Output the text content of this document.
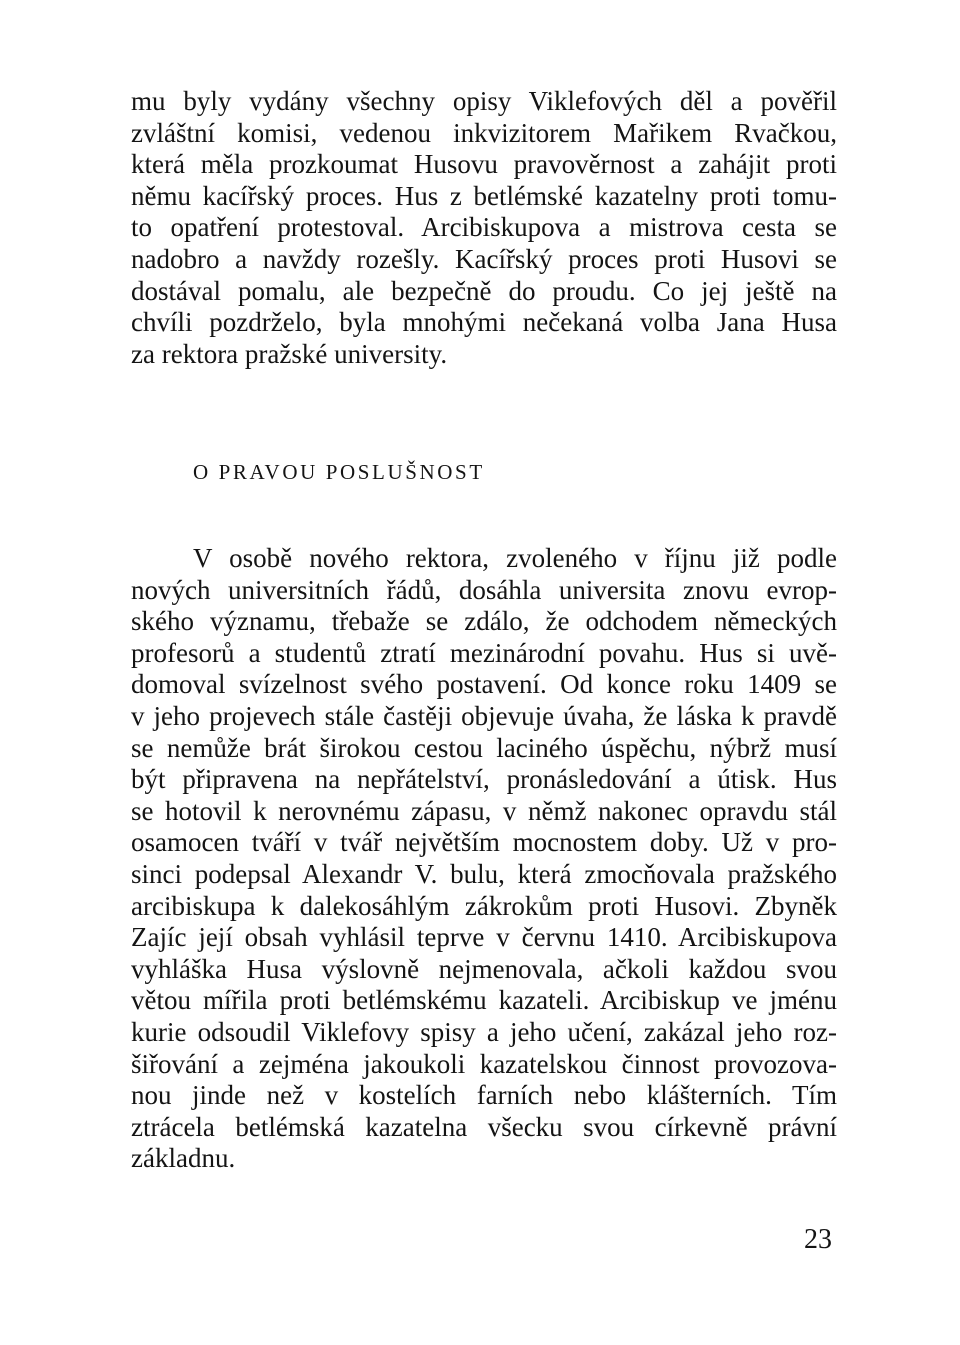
mu byly vydány všechny opisy Viklefových děl a pověřil
zvláštní komisi, vedenou inkvizitorem Mařikem Rvačkou,
která měla prozkoumat Husovu pravověrnost a zahájit proti
němu kacířský proces. Hus z betlémské kazatelny proti tomu-
to opatření protestoval. Arcibiskupova a mistrova cesta se
nadobro a navždy rozešly. Kacířský proces proti Husovi se
dostával pomalu, ale bezpečně do proudu. Co jej ještě na
chvíli pozdrželo, byla mnohými nečekaná volba Jana Husa
za rektora pražské university.
O PRAVOU POSLUŠNOST
V osobě nového rektora, zvoleného v říjnu již podle
nových universitních řádů, dosáhla universita znovu evrop-
ského významu, třebaže se zdálo, že odchodem německých
profesorů a studentů ztratí mezinárodní povahu. Hus si uvě-
domoval svízelnost svého postavení. Od konce roku 1409 se
v jeho projevech stále častěji objevuje úvaha, že láska k pravdě
se nemůže brát širokou cestou laciného úspěchu, nýbrž musí
být připravena na nepřátelství, pronásledování a útisk. Hus
se hotovil k nerovnému zápasu, v němž nakonec opravdu stál
osamocen tváří v tvář největším mocnostem doby. Už v pro-
sinci podepsal Alexandr V. bulu, která zmocňovala pražského
arcibiskupa k dalekosáhlým zákrokům proti Husovi. Zbyněk
Zajíc její obsah vyhlásil teprve v červnu 1410. Arcibiskupova
vyhláška Husa výslovně nejmenovala, ačkoli každou svou
větou mířila proti betlémskému kazateli. Arcibiskup ve jménu
kurie odsoudil Viklefovy spisy a jeho učení, zakázal jeho roz-
šiřování a zejména jakoukoli kazatelskou činnost provozova-
nou jinde než v kostelích farních nebo klášterních. Tím
ztrácela betlémská kazatelna všecku svou církevně právní
základnu.
23
